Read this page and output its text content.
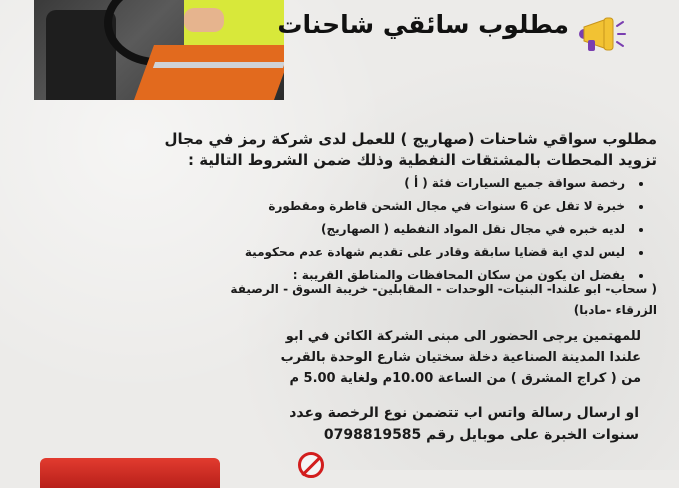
مطلوب سائقي شاحنات
مطلوب سواقي شاحنات (صهاريج ) للعمل لدى شركة رمز في مجال
تزويد المحطات بالمشتقات النفطية وذلك ضمن الشروط التالية :
• رخصة سواقة جميع السيارات فئة ( أ )
• خبرة لا تقل عن 6 سنوات في مجال الشحن قاطرة ومقطورة
• لديه خبره في مجال نقل المواد النفطيه ( الصهاريج)
• ليس لدي اية قضايا سابقة وقادر على تقديم شهادة عدم محكومية
• يفضل ان يكون من سكان المحافظات والمناطق القريبة :
( سحاب- ابو علندا- البنيات- الوحدات - المقابلين- خريبة السوق - الرصيفة
الزرقاء -مادبا)
للمهتمين يرجى الحضور الى مبنى الشركة الكائن في ابو
علندا المدينة الصناعية دخلة سختيان شارع الوحدة بالقرب
من ( كراج المشرق ) من الساعة 10.00م ولغاية 5.00 م
او ارسال رسالة واتس اب تتضمن نوع الرخصة وعدد
سنوات الخبرة على موبايل رقم 0798819585
